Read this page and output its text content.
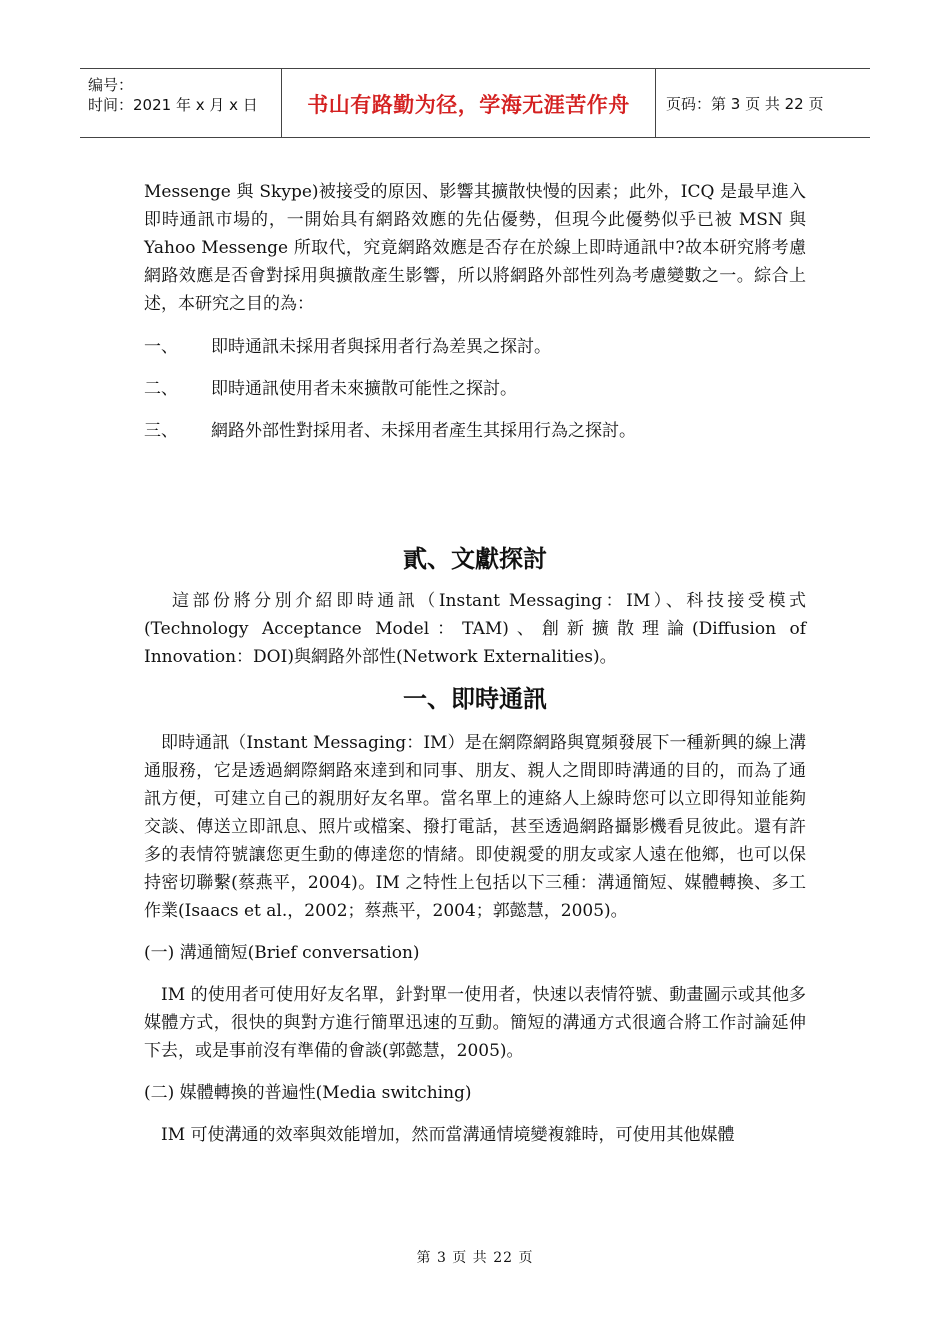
编号：
时间：2021 年 x 月 x 日	书山有路勤为径，学海无涯苦作舟 页码：第 3 页 共 22 页

Messenge 與 Skype)被接受的原因、影響其擴散快慢的因素；此外，ICQ 是最早進入即時通訊市場的，一開始具有網路效應的先佔優勢，但現今此優勢似乎已被 MSN 與 Yahoo Messenge 所取代，究竟網路效應是否存在於線上即時通訊中?故本研究將考慮網路效應是否會對採用與擴散產生影響，所以將網路外部性列為考慮變數之一。綜合上述，本研究之目的為：

一、	即時通訊未採用者與採用者行為差異之探討。
二、	即時通訊使用者未來擴散可能性之探討。
三、	網路外部性對採用者、未採用者產生其採用行為之探討。
貳、文獻探討

這部份將分別介紹即時通訊（Instant Messaging：IM）、科技接受模式(Technology Acceptance Model：TAM)、創新擴散理論(Diffusion of Innovation：DOI)與網路外部性(Network Externalities)。

一、即時通訊

即時通訊（Instant Messaging：IM）是在網際網路與寬頻發展下一種新興的線上溝通服務，它是透過網際網路來達到和同事、朋友、親人之間即時溝通的目的，而為了通訊方便，可建立自己的親朋好友名單。當名單上的連絡人上線時您可以立即得知並能夠交談、傳送立即訊息、照片或檔案、撥打電話，甚至透過網路攝影機看見彼此。還有許多的表情符號讓您更生動的傳達您的情緒。即使親愛的朋友或家人遠在他鄉，也可以保持密切聯繫(蔡燕平，2004)。IM 之特性上包括以下三種：溝通簡短、媒體轉換、多工作業(Isaacs et al.，2002；蔡燕平，2004；郭懿慧，2005)。

(一) 溝通簡短(Brief conversation)

IM 的使用者可使用好友名單，針對單一使用者，快速以表情符號、動畫圖示或其他多媒體方式，很快的與對方進行簡單迅速的互動。簡短的溝通方式很適合將工作討論延伸下去，或是事前沒有準備的會談(郭懿慧，2005)。

(二) 媒體轉換的普遍性(Media switching)

IM 可使溝通的效率與效能增加，然而當溝通情境變複雜時，可使用其他媒體

第 3 页 共 22 页
